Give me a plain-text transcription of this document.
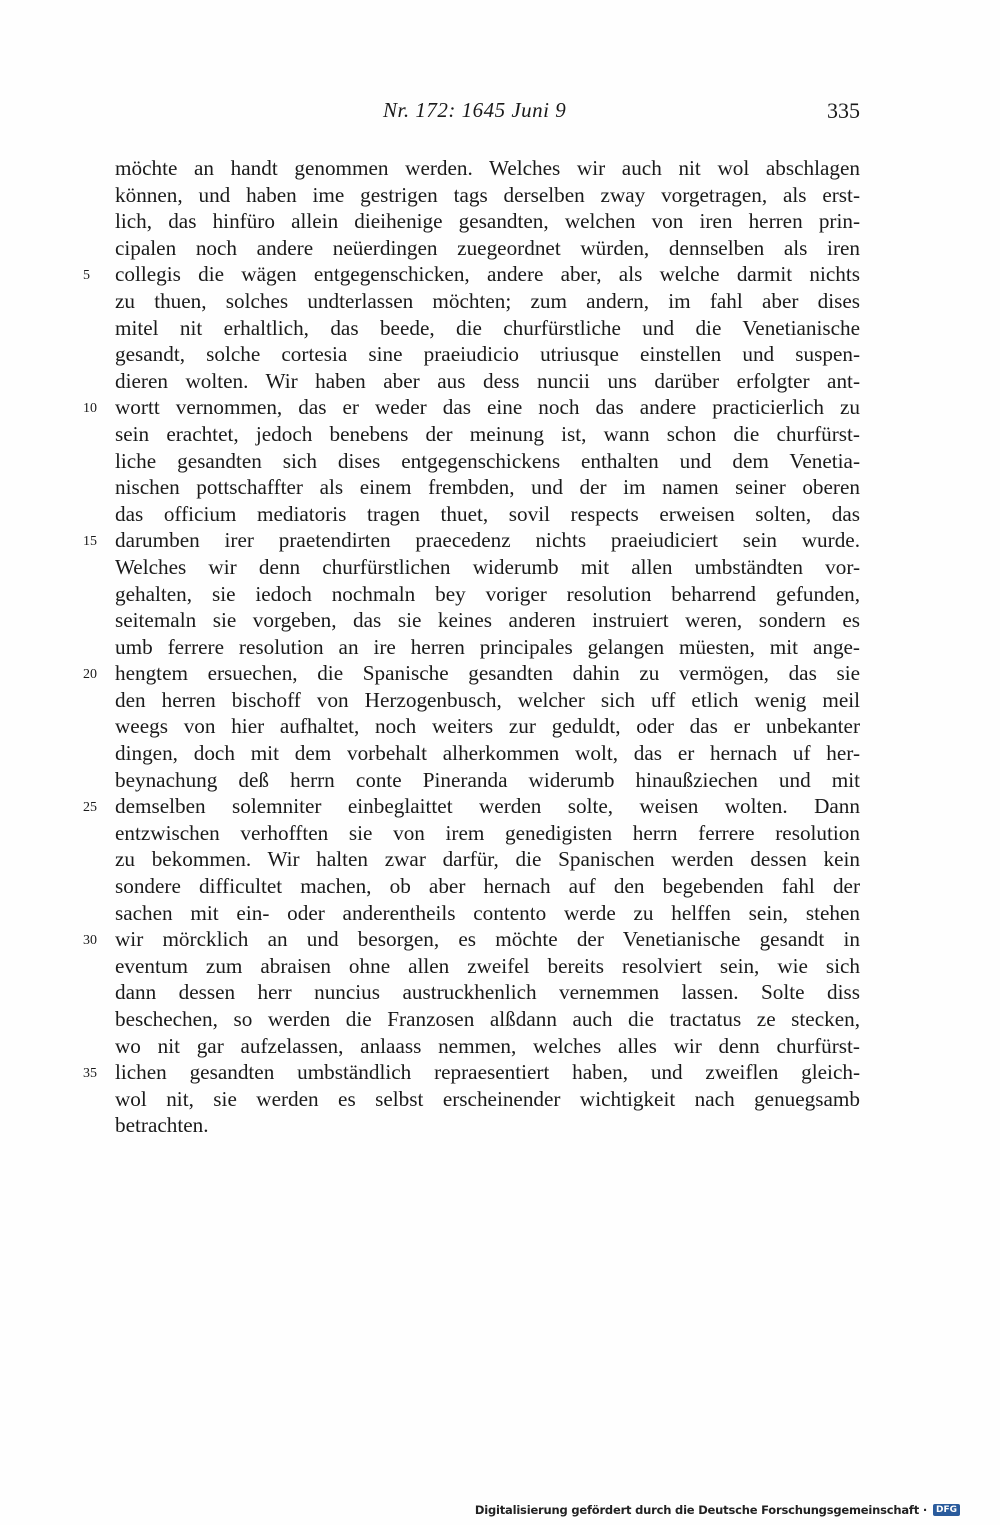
Nr. 172: 1645 Juni 9	335
möchte an handt genommen werden. Welches wir auch nit wol abschlagen
können, und haben ime gestrigen tags derselben zway vorgetragen, als erst-
lich, das hinfüro allein dieihenige gesandten, welchen von iren herren prin-
cipalen noch andere neüerdingen zuegeordnet würden, dennselben als iren
5	collegis die wägen entgegenschicken, andere aber, als welche darmit nichts
zu thuen, solches undterlassen möchten; zum andern, im fahl aber dises
mitel nit erhaltlich, das beede, die churfürstliche und die Venetianische
gesandt, solche cortesia sine praeiudicio utriusque einstellen und suspen-
dieren wolten. Wir haben aber aus dess nuncii uns darüber erfolgter ant-
10 wortt vernommen, das er weder das eine noch das andere practicierlich zu
sein erachtet, jedoch benebens der meinung ist, wann schon die churfürst-
liche gesandten sich dises entgegenschickens enthalten und dem Venetia-
nischen pottschaffter als einem frembden, und der im namen seiner oberen
das officium mediatoris tragen thuet, sovil respects erweisen solten, das
15 darumben irer praetendirten praecedenz nichts praeiudiciert sein wurde.
Welches wir denn churfürstlichen widerumb mit allen umbständten vor-
gehalten, sie iedoch nochmaln bey voriger resolution beharrend gefunden,
seitemaln sie vorgeben, das sie keines anderen instruiert weren, sondern es
umb ferrere resolution an ire herren principales gelangen müesten, mit ange-
20 hengtem ersuechen, die Spanische gesandten dahin zu vermögen, das sie
den herren bischoff von Herzogenbusch, welcher sich uff etlich wenig meil
weegs von hier aufhaltet, noch weiters zur geduldt, oder das er unbekanter
dingen, doch mit dem vorbehalt alherkommen wolt, das er hernach uf her-
beynachung deß herrn conte Pineranda widerumb hinaußziechen und mit
25 demselben solemniter einbeglaittet werden solte, weisen wolten. Dann
entzwischen verhofften sie von irem genedigisten herrn ferrere resolution
zu bekommen. Wir halten zwar darfür, die Spanischen werden dessen kein
sondere difficultet machen, ob aber hernach auf den begebenden fahl der
sachen mit ein- oder anderentheils contento werde zu helffen sein, stehen
30 wir mörcklich an und besorgen, es möchte der Venetianische gesandt in
eventum zum abraisen ohne allen zweifel bereits resolviert sein, wie sich
dann dessen herr nuncius austruckhenlich vernemmen lassen. Solte diss
beschechen, so werden die Franzosen alßdann auch die tractatus ze stecken,
wo nit gar aufzelassen, anlaass nemmen, welches alles wir denn churfürst-
35 lichen gesandten umbständlich repraesentiert haben, und zweiflen gleich-
wol nit, sie werden es selbst erscheinender wichtigkeit nach genuegsamb
betrachten.
Digitalisierung gefördert durch die Deutsche Forschungsgemeinschaft ·	DFG
